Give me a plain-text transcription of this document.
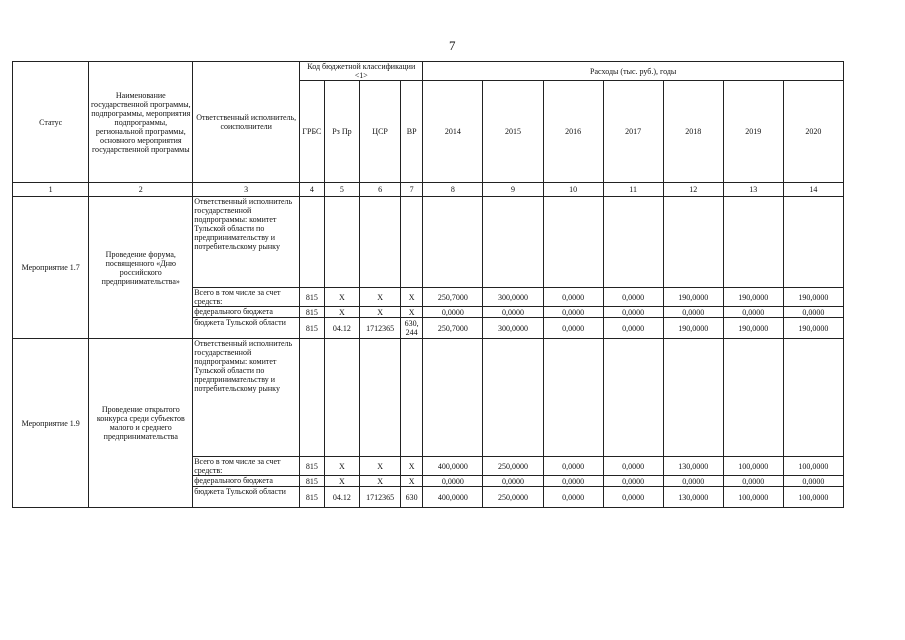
7
Статус	Наименование государственной программы, подпрограммы, мероприятия подпрограммы, региональной программы, основного мероприятия государственной программы	Ответственный исполнитель, соисполнители	Код бюджетной классификации <1>				Расходы (тыс. руб.), годы						
			ГРБС	Рз Пр	ЦСР	ВР	2014	2015	2016	2017	2018	2019	2020
1	2	3	4	5	6	7	8	9	10	11	12	13	14
Мероприятие 1.7	Проведение форума, посвященного «Дню российского предпринимательства»	Ответственный исполнитель государственной подпрограммы: комитет Тульской области по предпринимательству и потребительскому рынку											
		Всего в том числе за счет средств:	815	X	X	X	250,7000	300,0000	0,0000	0,0000	190,0000	190,0000	190,0000
		федерального бюджета	815	X	X	X	0,0000	0,0000	0,0000	0,0000	0,0000	0,0000	0,0000
		бюджета Тульской области	815	04.12	1712365	630, 244	250,7000	300,0000	0,0000	0,0000	190,0000	190,0000	190,0000
Мероприятие 1.9	Проведение открытого конкурса среди субъектов малого и среднего предпринимательства	Ответственный исполнитель государственной подпрограммы: комитет Тульской области по предпринимательству и потребительскому рынку											
		Всего в том числе за счет средств:	815	X	X	X	400,0000	250,0000	0,0000	0,0000	130,0000	100,0000	100,0000
		федерального бюджета	815	X	X	X	0,0000	0,0000	0,0000	0,0000	0,0000	0,0000	0,0000
		бюджета Тульской области	815	04.12	1712365	630	400,0000	250,0000	0,0000	0,0000	130,0000	100,0000	100,0000
